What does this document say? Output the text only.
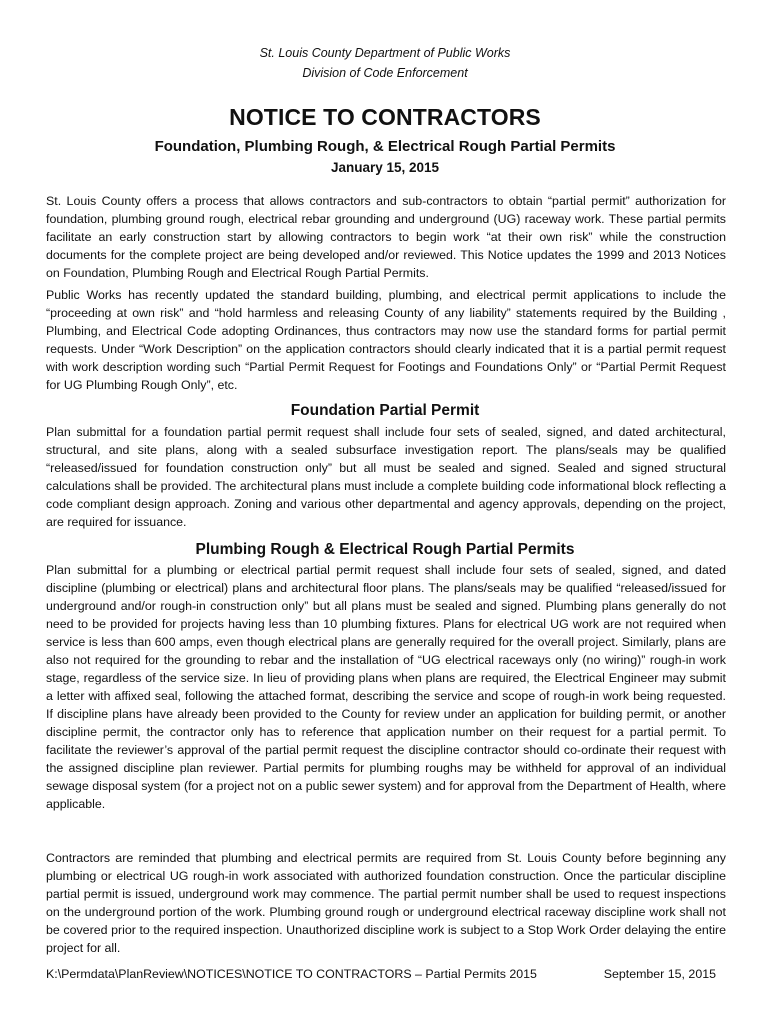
St. Louis County Department of Public Works
Division of Code Enforcement
NOTICE TO CONTRACTORS
Foundation, Plumbing Rough, & Electrical Rough Partial Permits
January 15, 2015
St. Louis County offers a process that allows contractors and sub-contractors to obtain “partial permit” authorization for foundation, plumbing ground rough, electrical rebar grounding and underground (UG) raceway work. These partial permits facilitate an early construction start by allowing contractors to begin work “at their own risk” while the construction documents for the complete project are being developed and/or reviewed. This Notice updates the 1999 and 2013 Notices on Foundation, Plumbing Rough and Electrical Rough Partial Permits.
Public Works has recently updated the standard building, plumbing, and electrical permit applications to include the “proceeding at own risk” and “hold harmless and releasing County of any liability” statements required by the Building , Plumbing, and Electrical Code adopting Ordinances, thus contractors may now use the standard forms for partial permit requests. Under “Work Description” on the application contractors should clearly indicated that it is a partial permit request with work description wording such “Partial Permit Request for Footings and Foundations Only” or “Partial Permit Request for UG Plumbing Rough Only”, etc.
Foundation Partial Permit
Plan submittal for a foundation partial permit request shall include four sets of sealed, signed, and dated architectural, structural, and site plans, along with a sealed subsurface investigation report. The plans/seals may be qualified “released/issued for foundation construction only” but all must be sealed and signed. Sealed and signed structural calculations shall be provided. The architectural plans must include a complete building code informational block reflecting a code compliant design approach. Zoning and various other departmental and agency approvals, depending on the project, are required for issuance.
Plumbing Rough & Electrical Rough Partial Permits
Plan submittal for a plumbing or electrical partial permit request shall include four sets of sealed, signed, and dated discipline (plumbing or electrical) plans and architectural floor plans. The plans/seals may be qualified “released/issued for underground and/or rough-in construction only” but all plans must be sealed and signed. Plumbing plans generally do not need to be provided for projects having less than 10 plumbing fixtures. Plans for electrical UG work are not required when service is less than 600 amps, even though electrical plans are generally required for the overall project. Similarly, plans are also not required for the grounding to rebar and the installation of “UG electrical raceways only (no wiring)” rough-in work stage, regardless of the service size. In lieu of providing plans when plans are required, the Electrical Engineer may submit a letter with affixed seal, following the attached format, describing the service and scope of rough-in work being requested. If discipline plans have already been provided to the County for review under an application for building permit, or another discipline permit, the contractor only has to reference that application number on their request for a partial permit. To facilitate the reviewer’s approval of the partial permit request the discipline contractor should co-ordinate their request with the assigned discipline plan reviewer. Partial permits for plumbing roughs may be withheld for approval of an individual sewage disposal system (for a project not on a public sewer system) and for approval from the Department of Health, where applicable.
Contractors are reminded that plumbing and electrical permits are required from St. Louis County before beginning any plumbing or electrical UG rough-in work associated with authorized foundation construction. Once the particular discipline partial permit is issued, underground work may commence. The partial permit number shall be used to request inspections on the underground portion of the work. Plumbing ground rough or underground electrical raceway discipline work shall not be covered prior to the required inspection. Unauthorized discipline work is subject to a Stop Work Order delaying the entire project for all.
K:\Permdata\PlanReview\NOTICES\NOTICE TO CONTRACTORS – Partial Permits 2015	September 15, 2015
